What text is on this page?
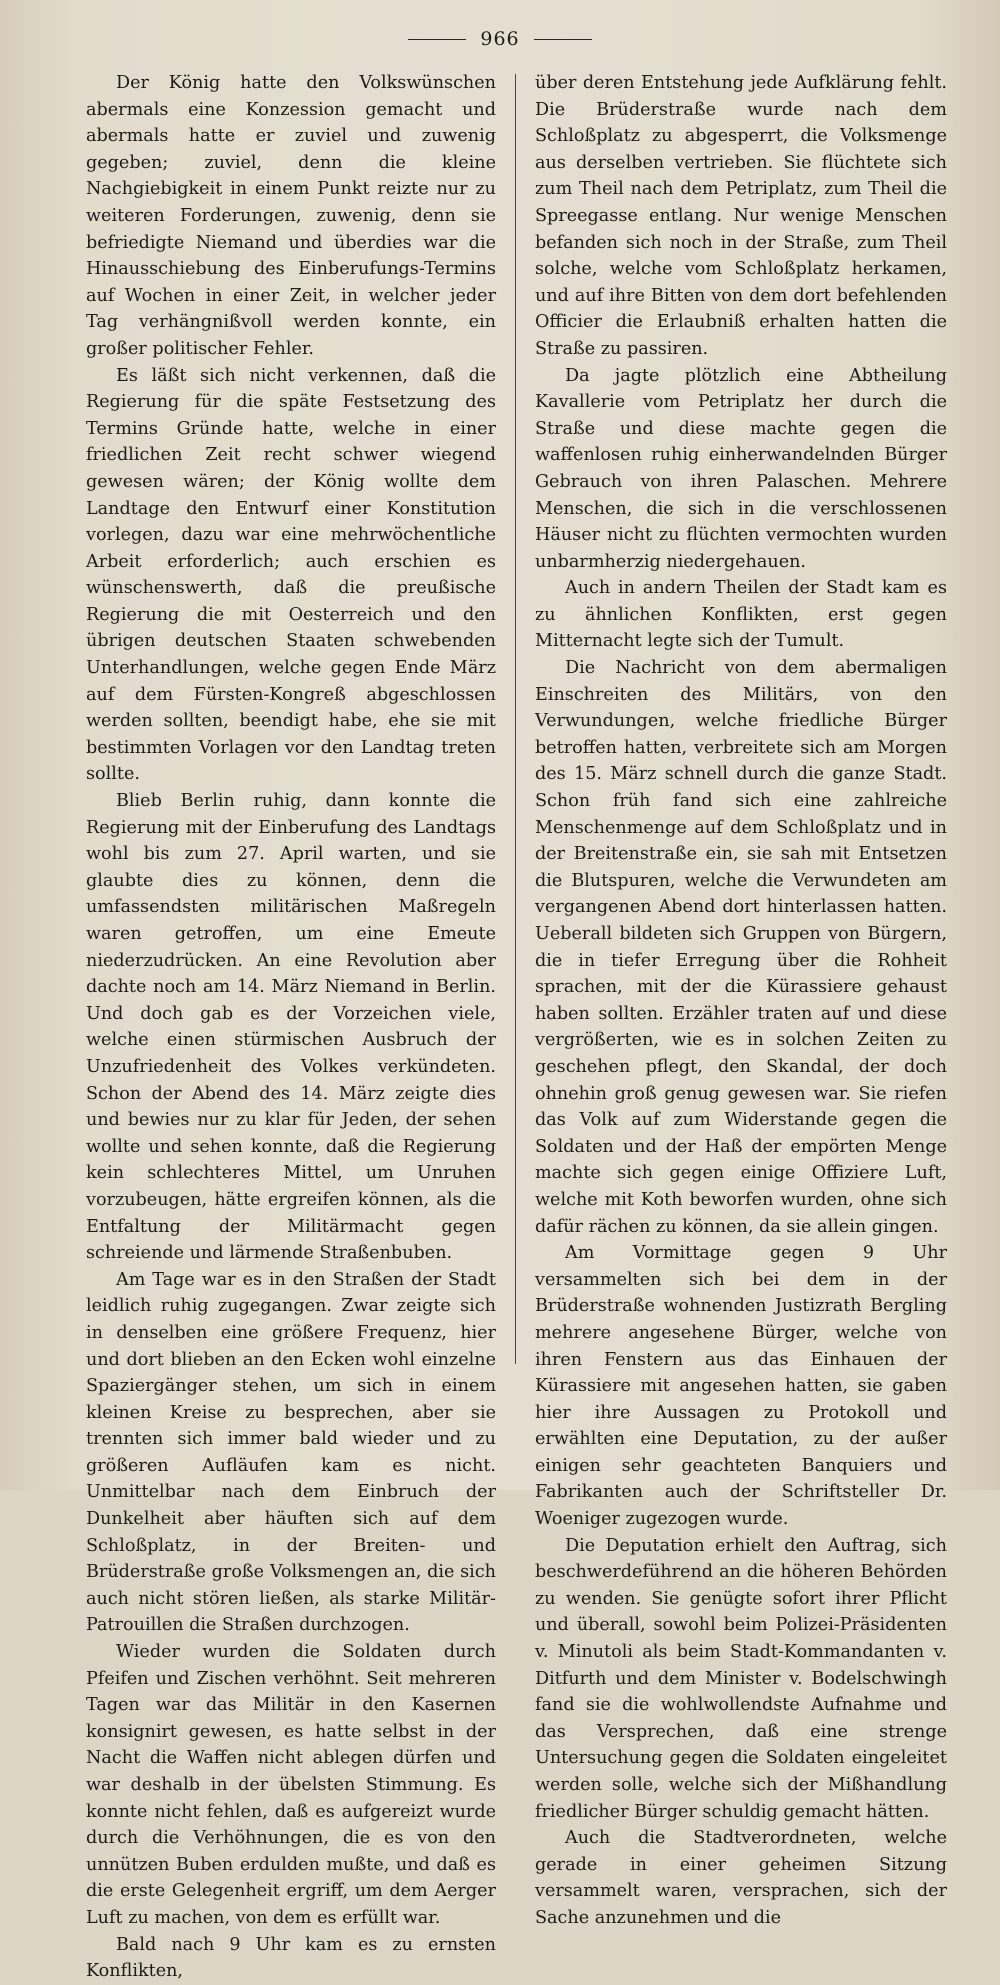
966

Der König hatte den Volkswünschen abermals eine Konzession gemacht und abermals hatte er zuviel und zuwenig gegeben; zuviel, denn die kleine Nachgiebigkeit in einem Punkt reizte nur zu weiteren Forderungen, zuwenig, denn sie befriedigte Niemand und überdies war die Hinausschiebung des Einberufungs-Termins auf Wochen in einer Zeit, in welcher jeder Tag verhängnißvoll werden konnte, ein großer politischer Fehler.

Es läßt sich nicht verkennen, daß die Regierung für die späte Festsetzung des Termins Gründe hatte, welche in einer friedlichen Zeit recht schwer wiegend gewesen wären; der König wollte dem Landtage den Entwurf einer Konstitution vorlegen, dazu war eine mehrwöchentliche Arbeit erforderlich; auch erschien es wünschenswerth, daß die preußische Regierung die mit Oesterreich und den übrigen deutschen Staaten schwebenden Unterhandlungen, welche gegen Ende März auf dem Fürsten-Kongreß abgeschlossen werden sollten, beendigt habe, ehe sie mit bestimmten Vorlagen vor den Landtag treten sollte.

Blieb Berlin ruhig, dann konnte die Regierung mit der Einberufung des Landtags wohl bis zum 27. April warten, und sie glaubte dies zu können, denn die umfassendsten militärischen Maßregeln waren getroffen, um eine Emeute niederzudrücken. An eine Revolution aber dachte noch am 14. März Niemand in Berlin. Und doch gab es der Vorzeichen viele, welche einen stürmischen Ausbruch der Unzufriedenheit des Volkes verkündeten. Schon der Abend des 14. März zeigte dies und bewies nur zu klar für Jeden, der sehen wollte und sehen konnte, daß die Regierung kein schlechteres Mittel, um Unruhen vorzubeugen, hätte ergreifen können, als die Entfaltung der Militärmacht gegen schreiende und lärmende Straßenbuben.

Am Tage war es in den Straßen der Stadt leidlich ruhig zugegangen. Zwar zeigte sich in denselben eine größere Frequenz, hier und dort blieben an den Ecken wohl einzelne Spaziergänger stehen, um sich in einem kleinen Kreise zu besprechen, aber sie trennten sich immer bald wieder und zu größeren Aufläufen kam es nicht. Unmittelbar nach dem Einbruch der Dunkelheit aber häuften sich auf dem Schloßplatz, in der Breiten- und Brüderstraße große Volksmengen an, die sich auch nicht stören ließen, als starke Militär-Patrouillen die Straßen durchzogen.

Wieder wurden die Soldaten durch Pfeifen und Zischen verhöhnt. Seit mehreren Tagen war das Militär in den Kasernen konsignirt gewesen, es hatte selbst in der Nacht die Waffen nicht ablegen dürfen und war deshalb in der übelsten Stimmung. Es konnte nicht fehlen, daß es aufgereizt wurde durch die Verhöhnungen, die es von den unnützen Buben erdulden mußte, und daß es die erste Gelegenheit ergriff, um dem Aerger Luft zu machen, von dem es erfüllt war.

Bald nach 9 Uhr kam es zu ernsten Konflikten,

über deren Entstehung jede Aufklärung fehlt. Die Brüderstraße wurde nach dem Schloßplatz zu abgesperrt, die Volksmenge aus derselben vertrieben. Sie flüchtete sich zum Theil nach dem Petriplatz, zum Theil die Spreegasse entlang. Nur wenige Menschen befanden sich noch in der Straße, zum Theil solche, welche vom Schloßplatz herkamen, und auf ihre Bitten von dem dort befehlenden Officier die Erlaubniß erhalten hatten die Straße zu passiren.

Da jagte plötzlich eine Abtheilung Kavallerie vom Petriplatz her durch die Straße und diese machte gegen die waffenlosen ruhig einherwandelnden Bürger Gebrauch von ihren Palaschen. Mehrere Menschen, die sich in die verschlossenen Häuser nicht zu flüchten vermochten wurden unbarmherzig niedergehauen.

Auch in andern Theilen der Stadt kam es zu ähnlichen Konflikten, erst gegen Mitternacht legte sich der Tumult.

Die Nachricht von dem abermaligen Einschreiten des Militärs, von den Verwundungen, welche friedliche Bürger betroffen hatten, verbreitete sich am Morgen des 15. März schnell durch die ganze Stadt. Schon früh fand sich eine zahlreiche Menschenmenge auf dem Schloßplatz und in der Breitenstraße ein, sie sah mit Entsetzen die Blutspuren, welche die Verwundeten am vergangenen Abend dort hinterlassen hatten. Ueberall bildeten sich Gruppen von Bürgern, die in tiefer Erregung über die Rohheit sprachen, mit der die Kürassiere gehaust haben sollten. Erzähler traten auf und diese vergrößerten, wie es in solchen Zeiten zu geschehen pflegt, den Skandal, der doch ohnehin groß genug gewesen war. Sie riefen das Volk auf zum Widerstande gegen die Soldaten und der Haß der empörten Menge machte sich gegen einige Offiziere Luft, welche mit Koth beworfen wurden, ohne sich dafür rächen zu können, da sie allein gingen.

Am Vormittage gegen 9 Uhr versammelten sich bei dem in der Brüderstraße wohnenden Justizrath Bergling mehrere angesehene Bürger, welche von ihren Fenstern aus das Einhauen der Kürassiere mit angesehen hatten, sie gaben hier ihre Aussagen zu Protokoll und erwählten eine Deputation, zu der außer einigen sehr geachteten Banquiers und Fabrikanten auch der Schriftsteller Dr. Woeniger zugezogen wurde.

Die Deputation erhielt den Auftrag, sich beschwerdeführend an die höheren Behörden zu wenden. Sie genügte sofort ihrer Pflicht und überall, sowohl beim Polizei-Präsidenten v. Minutoli als beim Stadt-Kommandanten v. Ditfurth und dem Minister v. Bodelschwingh fand sie die wohlwollendste Aufnahme und das Versprechen, daß eine strenge Untersuchung gegen die Soldaten eingeleitet werden solle, welche sich der Mißhandlung friedlicher Bürger schuldig gemacht hätten.

Auch die Stadtverordneten, welche gerade in einer geheimen Sitzung versammelt waren, versprachen, sich der Sache anzunehmen und die
